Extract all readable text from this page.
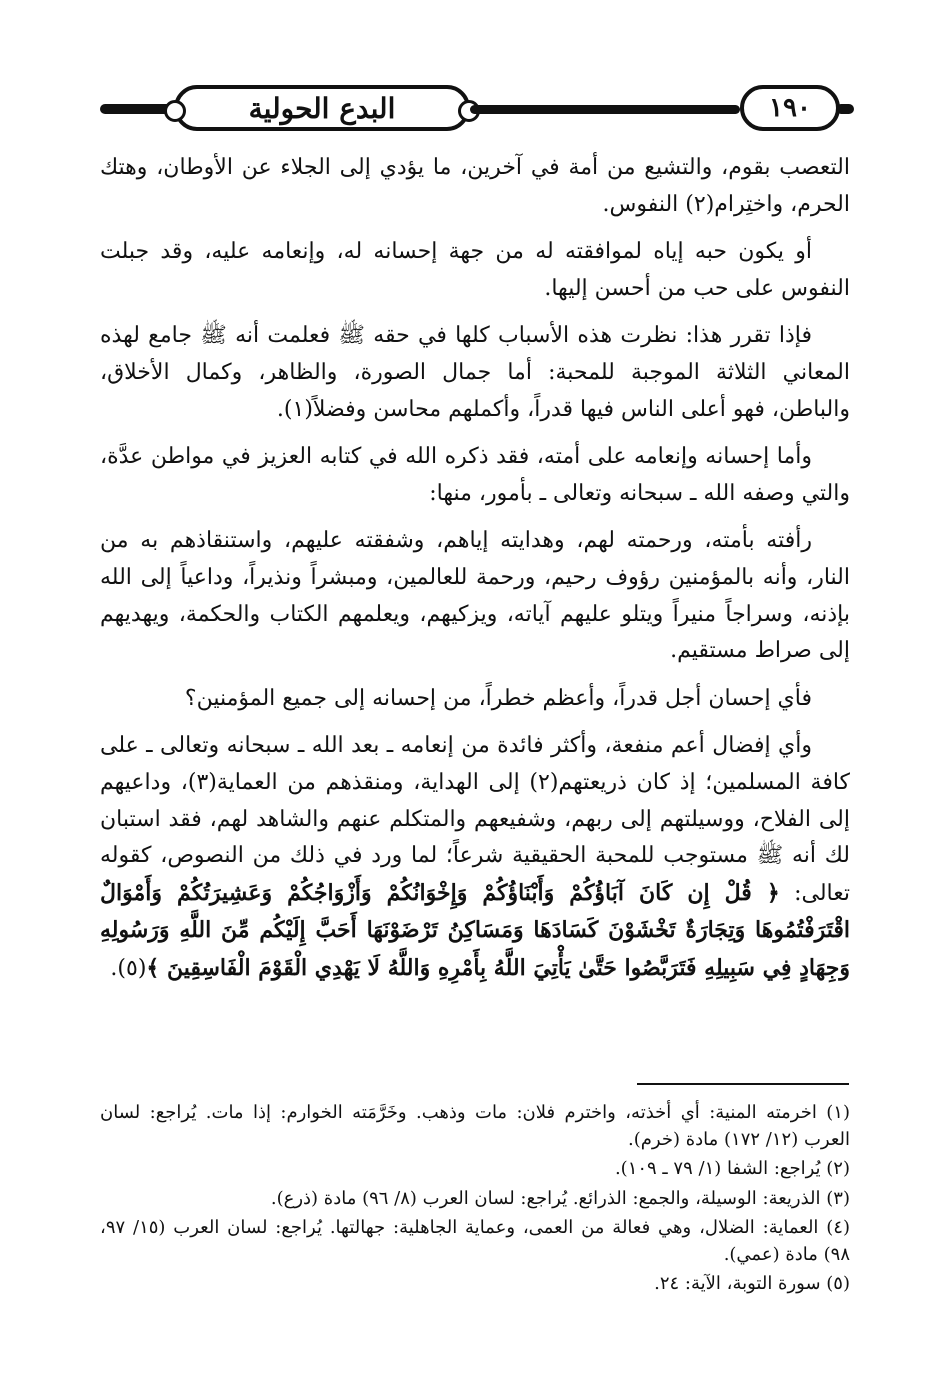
البدع الحولية	١٩٠

التعصب بقوم، والتشيع من أمة في آخرين، ما يؤدي إلى الجلاء عن الأوطان، وهتك الحرم، واختِرام(٢) النفوس.

أو يكون حبه إياه لموافقته له من جهة إحسانه له، وإنعامه عليه، وقد جبلت النفوس على حب من أحسن إليها.

فإذا تقرر هذا: نظرت هذه الأسباب كلها في حقه ﷺ فعلمت أنه ﷺ جامع لهذه المعاني الثلاثة الموجبة للمحبة: أما جمال الصورة، والظاهر، وكمال الأخلاق، والباطن، فهو أعلى الناس فيها قدراً، وأكملهم محاسن وفضلاً(١).

وأما إحسانه وإنعامه على أمته، فقد ذكره الله في كتابه العزيز في مواطن عدَّة، والتي وصفه الله ـ سبحانه وتعالى ـ بأمور، منها:

رأفته بأمته، ورحمته لهم، وهدايته إياهم، وشفقته عليهم، واستنقاذهم به من النار، وأنه بالمؤمنين رؤوف رحيم، ورحمة للعالمين، ومبشراً ونذيراً، وداعياً إلى الله بإذنه، وسراجاً منيراً ويتلو عليهم آياته، ويزكيهم، ويعلمهم الكتاب والحكمة، ويهديهم إلى صراط مستقيم.

فأي إحسان أجل قدراً، وأعظم خطراً، من إحسانه إلى جميع المؤمنين؟

وأي إفضال أعم منفعة، وأكثر فائدة من إنعامه ـ بعد الله ـ سبحانه وتعالى ـ على كافة المسلمين؛ إذ كان ذريعتهم(٢) إلى الهداية، ومنقذهم من العماية(٣)، وداعيهم إلى الفلاح، ووسيلتهم إلى ربهم، وشفيعهم والمتكلم عنهم والشاهد لهم، فقد استبان لك أنه ﷺ مستوجب للمحبة الحقيقية شرعاً؛ لما ورد في ذلك من النصوص، كقوله تعالى: ﴿ قُلْ إِن كَانَ آبَاؤُكُمْ وَأَبْنَاؤُكُمْ وَإِخْوَانُكُمْ وَأَزْوَاجُكُمْ وَعَشِيرَتُكُمْ وَأَمْوَالٌ اقْتَرَفْتُمُوهَا وَتِجَارَةٌ تَخْشَوْنَ كَسَادَهَا وَمَسَاكِنُ تَرْضَوْنَهَا أَحَبَّ إِلَيْكُم مِّنَ اللَّهِ وَرَسُولِهِ وَجِهَادٍ فِي سَبِيلِهِ فَتَرَبَّصُوا حَتَّىٰ يَأْتِيَ اللَّهُ بِأَمْرِهِ وَاللَّهُ لَا يَهْدِي الْقَوْمَ الْفَاسِقِينَ ﴾(٥).

(١) اخرمته المنية: أي أخذته، واخترم فلان: مات وذهب. وخَرَّمَته الخوارم: إذا مات. يُراجع: لسان العرب (١٢/ ١٧٢) مادة (خرم).

(٢) يُراجع: الشفا (١/ ٧٩ ـ ١٠٩).

(٣) الذريعة: الوسيلة، والجمع: الذرائع. يُراجع: لسان العرب (٨/ ٩٦) مادة (ذرع).

(٤) العماية: الضلال، وهي فعالة من العمى، وعماية الجاهلية: جهالتها. يُراجع: لسان العرب (١٥/ ٩٧، ٩٨) مادة (عمي).

(٥) سورة التوبة، الآية: ٢٤.
